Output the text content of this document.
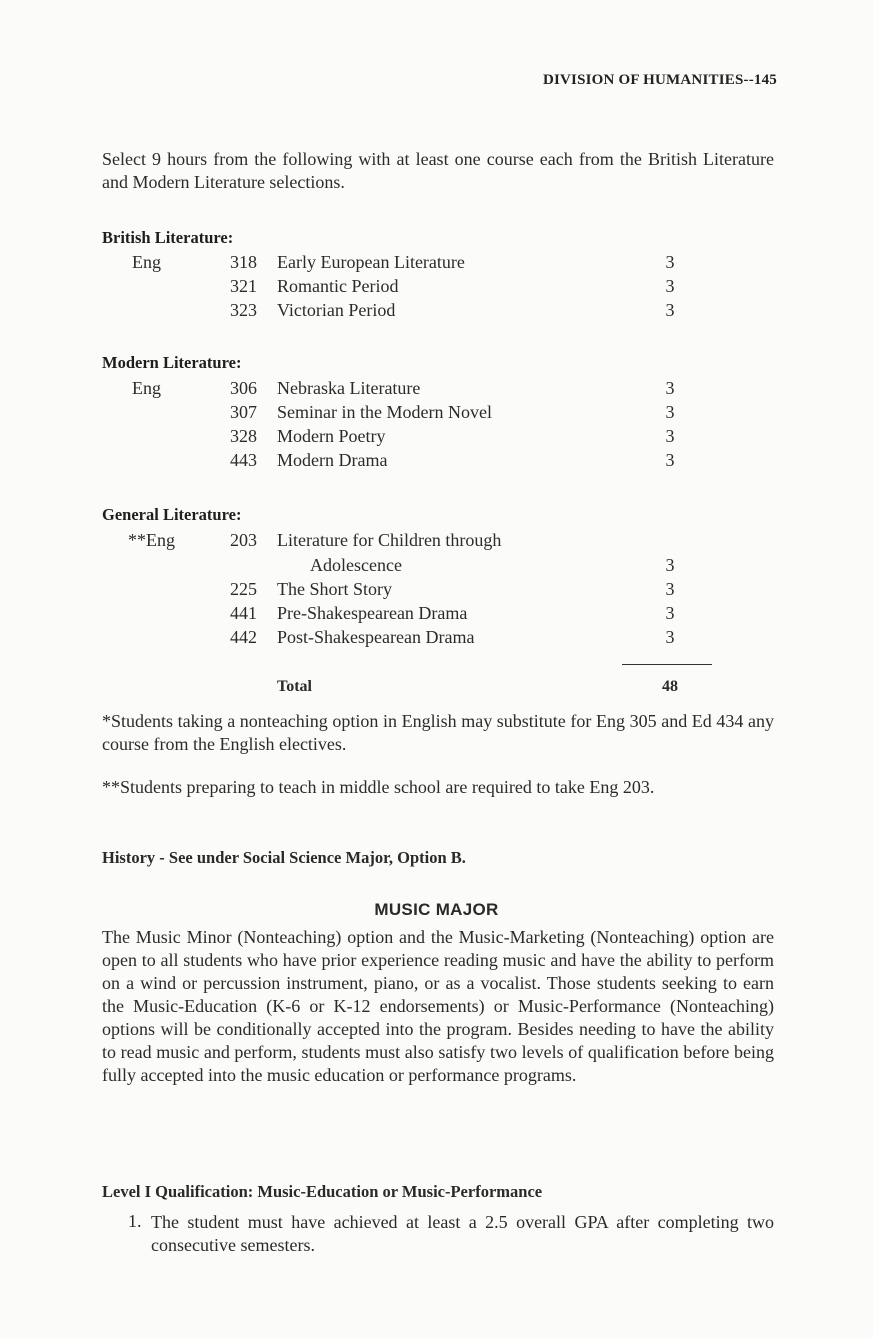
DIVISION OF HUMANITIES--145
Select 9 hours from the following with at least one course each from the British Literature and Modern Literature selections.
British Literature:
Eng	318	Early European Literature	3
321	Romantic Period	3
323	Victorian Period	3
Modern Literature:
Eng	306	Nebraska Literature	3
307	Seminar in the Modern Novel	3
328	Modern Poetry	3
443	Modern Drama	3
General Literature:
**Eng	203	Literature for Children through
Adolescence	3
225	The Short Story	3
441	Pre-Shakespearean Drama	3
442	Post-Shakespearean Drama	3
Total	48
*Students taking a nonteaching option in English may substitute for Eng 305 and Ed 434 any course from the English electives.
**Students preparing to teach in middle school are required to take Eng 203.
History - See under Social Science Major, Option B.
MUSIC MAJOR
The Music Minor (Nonteaching) option and the Music-Marketing (Nonteaching) option are open to all students who have prior experience reading music and have the ability to perform on a wind or percussion instrument, piano, or as a vocalist. Those students seeking to earn the Music-Education (K-6 or K-12 endorsements) or Music-Performance (Nonteaching) options will be conditionally accepted into the program. Besides needing to have the ability to read music and perform, students must also satisfy two levels of qualification before being fully accepted into the music education or performance programs.
Level I Qualification: Music-Education or Music-Performance
1. The student must have achieved at least a 2.5 overall GPA after completing two consecutive semesters.
